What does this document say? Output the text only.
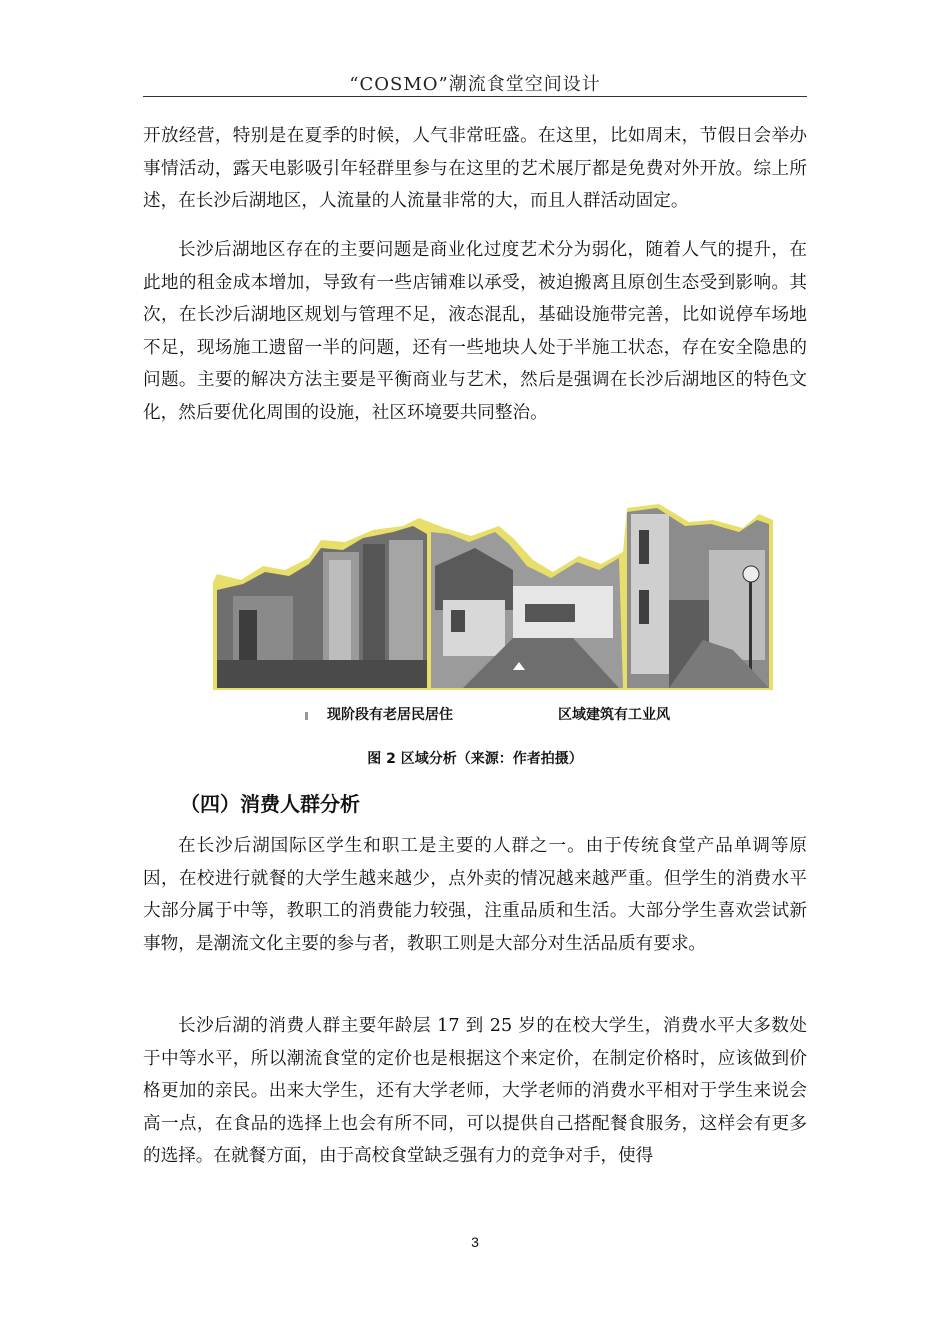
“COSMO”潮流食堂空间设计

开放经营，特别是在夏季的时候，人气非常旺盛。在这里，比如周末，节假日会举办事情活动，露天电影吸引年轻群里参与在这里的艺术展厅都是免费对外开放。综上所述，在长沙后湖地区，人流量的人流量非常的大，而且人群活动固定。

长沙后湖地区存在的主要问题是商业化过度艺术分为弱化，随着人气的提升，在此地的租金成本增加，导致有一些店铺难以承受，被迫搬离且原创生态受到影响。其次，在长沙后湖地区规划与管理不足，液态混乱，基础设施带完善，比如说停车场地不足，现场施工遗留一半的问题，还有一些地块人处于半施工状态，存在安全隐患的问题。主要的解决方法主要是平衡商业与艺术，然后是强调在长沙后湖地区的特色文化，然后要优化周围的设施，社区环境要共同整治。

现阶段有老居民居住	区域建筑有工业风
图 2 区域分析（来源：作者拍摄）
（四）消费人群分析

在长沙后湖国际区学生和职工是主要的人群之一。由于传统食堂产品单调等原因，在校进行就餐的大学生越来越少，点外卖的情况越来越严重。但学生的消费水平大部分属于中等，教职工的消费能力较强，注重品质和生活。大部分学生喜欢尝试新事物，是潮流文化主要的参与者，教职工则是大部分对生活品质有要求。

长沙后湖的消费人群主要年龄层 17 到 25 岁的在校大学生，消费水平大多数处于中等水平，所以潮流食堂的定价也是根据这个来定价，在制定价格时，应该做到价格更加的亲民。出来大学生，还有大学老师，大学老师的消费水平相对于学生来说会高一点，在食品的选择上也会有所不同，可以提供自己搭配餐食服务，这样会有更多的选择。在就餐方面，由于高校食堂缺乏强有力的竞争对手，使得

3
